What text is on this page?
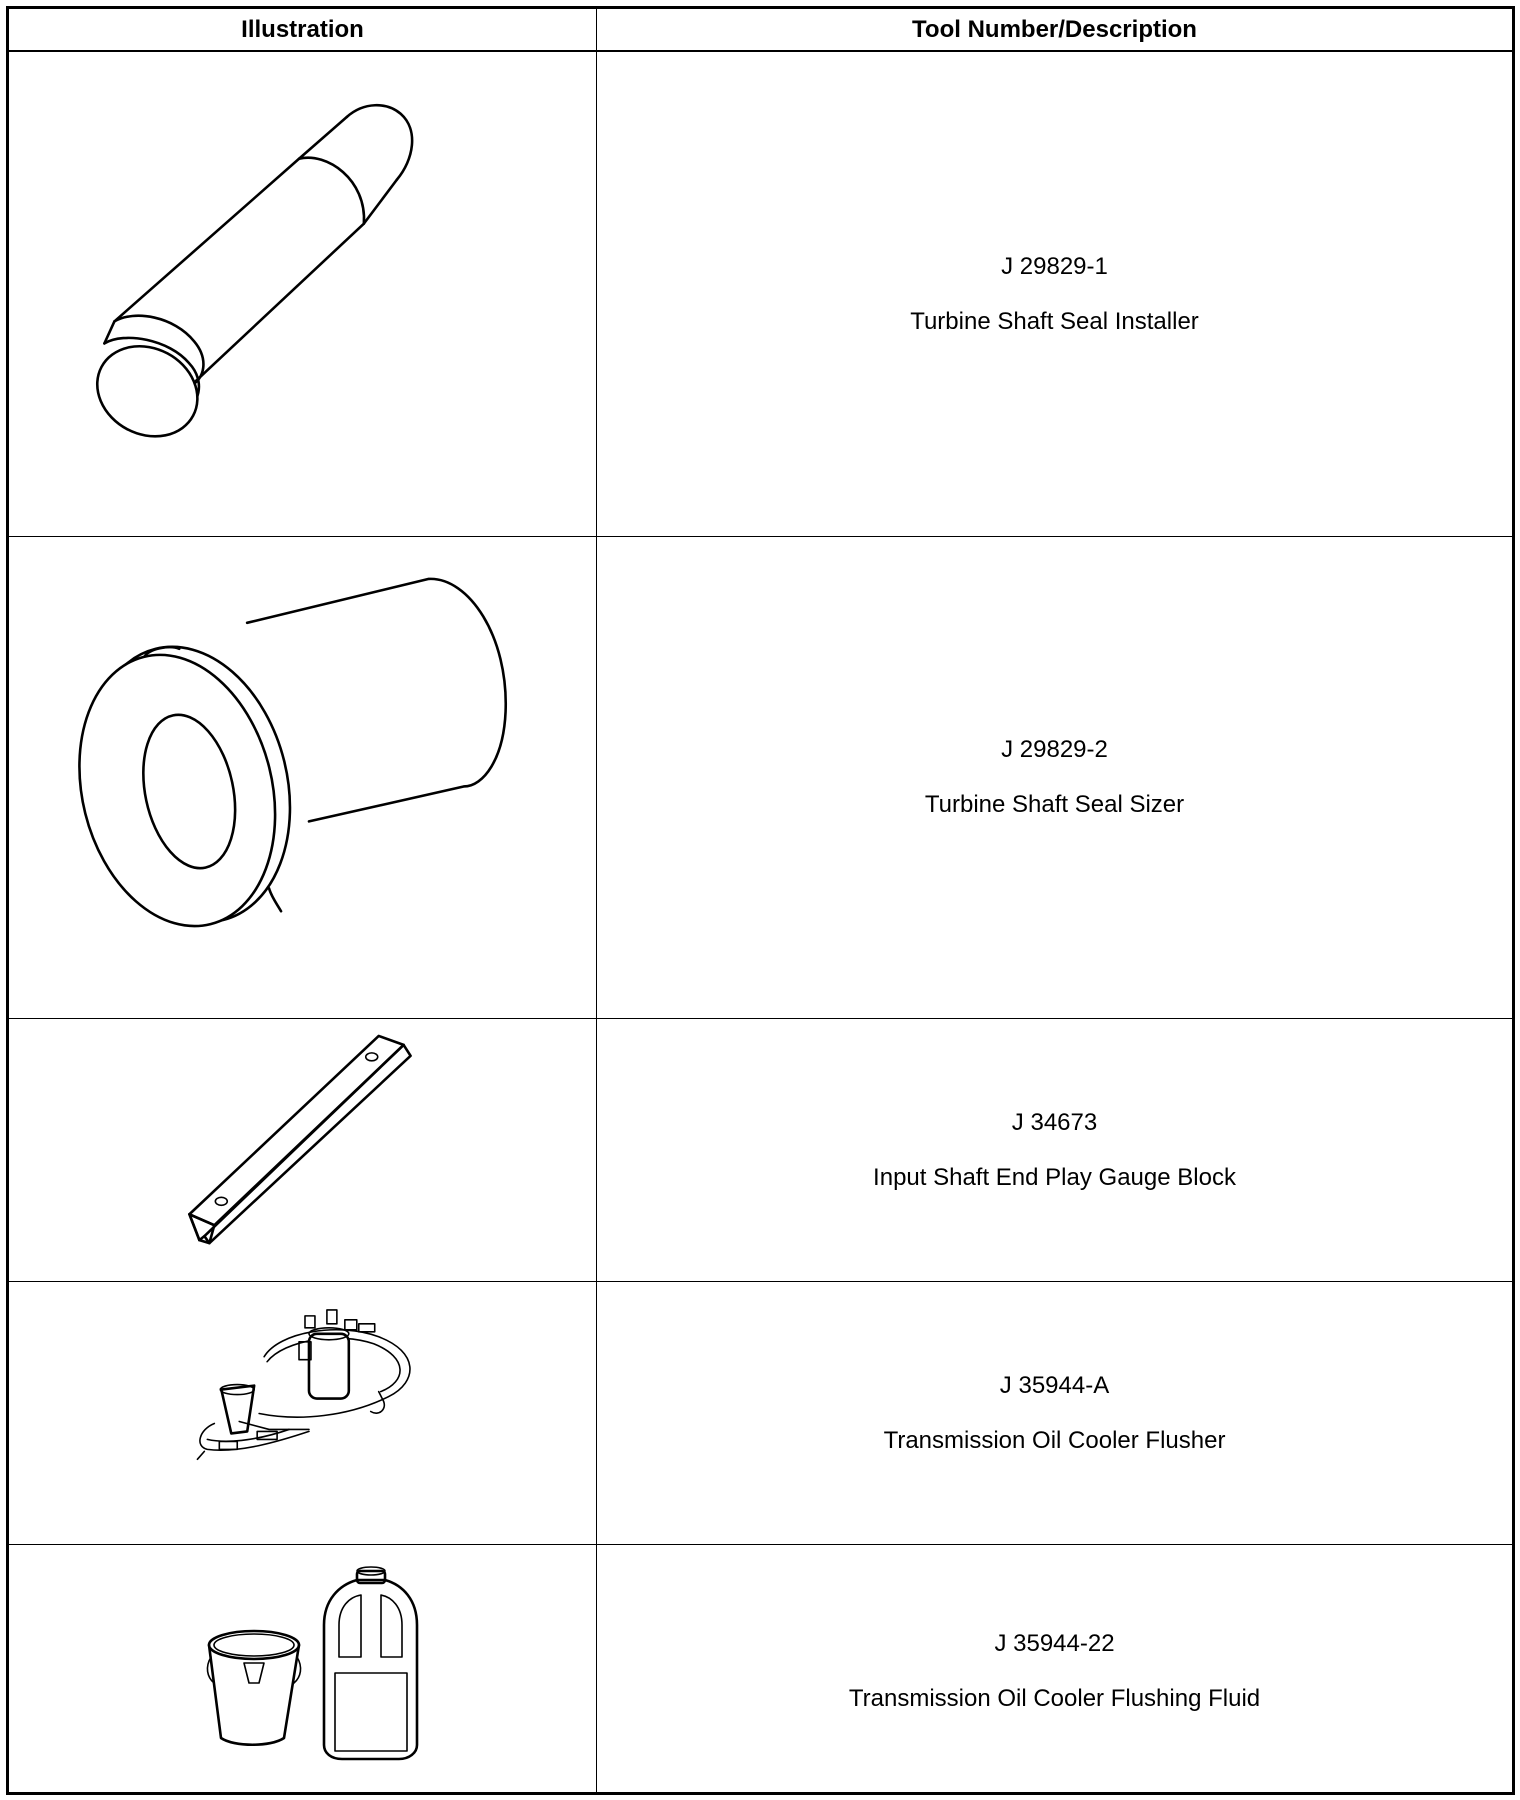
Illustration	Tool Number/Description
J 29829-1
Turbine Shaft Seal Installer
J 29829-2
Turbine Shaft Seal Sizer
J 34673
Input Shaft End Play Gauge Block
J 35944-A
Transmission Oil Cooler Flusher
J 35944-22
Transmission Oil Cooler Flushing Fluid
